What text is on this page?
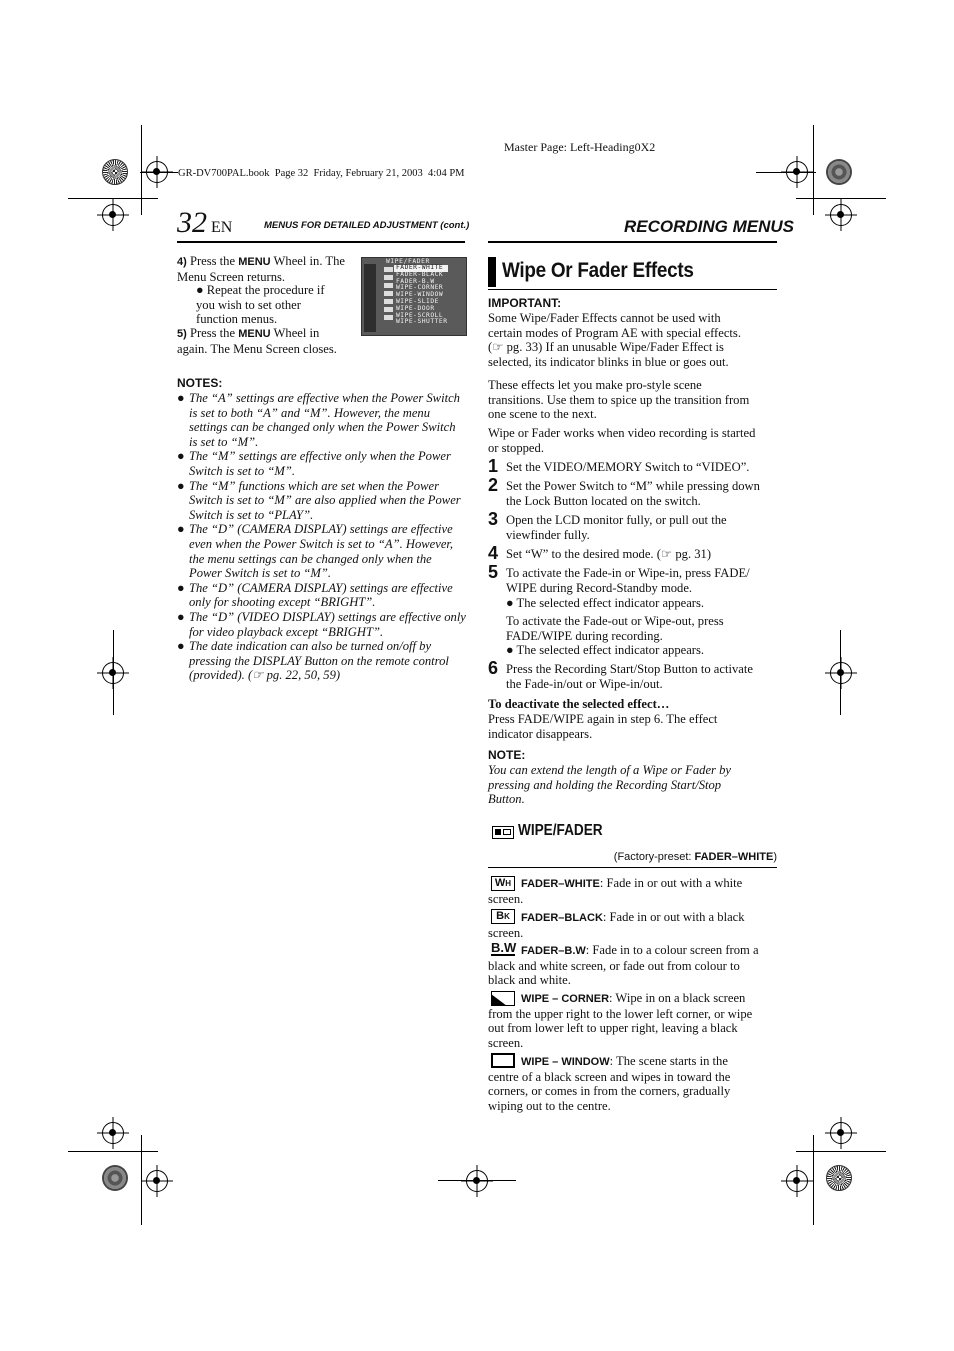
Master Page: Left-Heading0X2
GR-DV700PAL.book  Page 32  Friday, February 21, 2003  4:04 PM
32 EN	MENUS FOR DETAILED ADJUSTMENT (cont.)	RECORDING MENUS
4) Press the MENU Wheel in. The Menu Screen returns.
● Repeat the procedure if you wish to set other function menus.
5) Press the MENU Wheel in again. The Menu Screen closes.
WIPE/FADER
FADER-WHITE
FADER-BLACK
FADER-B.W
WIPE-CORNER
WIPE-WINDOW
WIPE-SLIDE
WIPE-DOOR
WIPE-SCROLL
WIPE-SHUTTER
NOTES:
● The “A” settings are effective when the Power Switch is set to both “A” and “M”. However, the menu settings can be changed only when the Power Switch is set to “M”.
● The “M” settings are effective only when the Power Switch is set to “M”.
● The “M” functions which are set when the Power Switch is set to “M” are also applied when the Power Switch is set to “PLAY”.
● The “D” (CAMERA DISPLAY) settings are effective even when the Power Switch is set to “A”. However, the menu settings can be changed only when the Power Switch is set to “M”.
● The “D” (CAMERA DISPLAY) settings are effective only for shooting except “BRIGHT”.
● The “D” (VIDEO DISPLAY) settings are effective only for video playback except “BRIGHT”.
● The date indication can also be turned on/off by pressing the DISPLAY Button on the remote control (provided). (☞ pg. 22, 50, 59)
Wipe Or Fader Effects
IMPORTANT:
Some Wipe/Fader Effects cannot be used with
certain modes of Program AE with special effects.
(☞ pg. 33) If an unusable Wipe/Fader Effect is
selected, its indicator blinks in blue or goes out.
These effects let you make pro-style scene
transitions. Use them to spice up the transition from
one scene to the next.
Wipe or Fader works when video recording is started
or stopped.
1 Set the VIDEO/MEMORY Switch to “VIDEO”.
2 Set the Power Switch to “M” while pressing down
the Lock Button located on the switch.
3 Open the LCD monitor fully, or pull out the
viewfinder fully.
4 Set “W” to the desired mode. (☞ pg. 31)
5 To activate the Fade-in or Wipe-in, press FADE/
WIPE during Record-Standby mode.
● The selected effect indicator appears.
To activate the Fade-out or Wipe-out, press
FADE/WIPE during recording.
● The selected effect indicator appears.
6 Press the Recording Start/Stop Button to activate
the Fade-in/out or Wipe-in/out.
To deactivate the selected effect…
Press FADE/WIPE again in step 6. The effect
indicator disappears.
NOTE:
You can extend the length of a Wipe or Fader by
pressing and holding the Recording Start/Stop
Button.
WIPE/FADER
(Factory-preset: FADER–WHITE)
WH FADER–WHITE: Fade in or out with a white
screen.
BK	FADER–BLACK: Fade in or out with a black
screen.
B.W FADER–B.W: Fade in to a colour screen from a
black and white screen, or fade out from colour to
black and white.
WIPE – CORNER: Wipe in on a black screen
from the upper right to the lower left corner, or wipe
out from lower left to upper right, leaving a black
screen.
WIPE – WINDOW: The scene starts in the
centre of a black screen and wipes in toward the
corners, or comes in from the corners, gradually
wiping out to the centre.
